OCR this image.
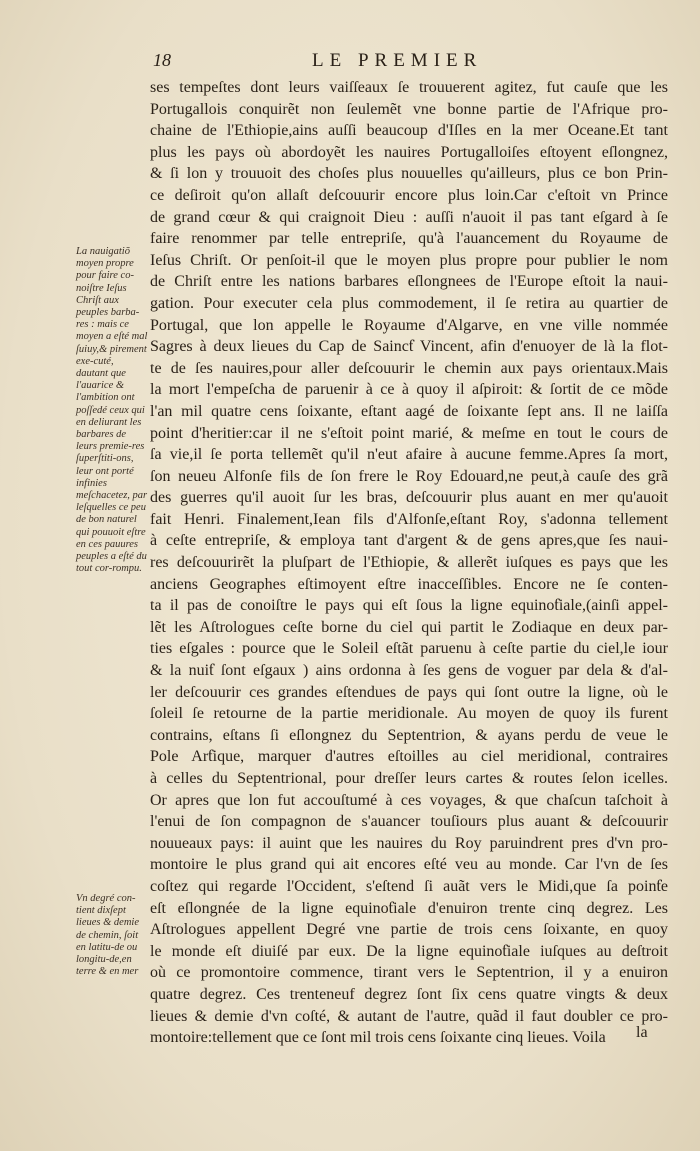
18	LE PREMIER
ses tempeſtes dont leurs vaiſſeaux ſe trouuerent agitez, fut cauſe que les
Portugallois conquirẽt non ſeulemẽt vne bonne partie de l'Afrique pro-
chaine de l'Ethiopie,ains auſſi beaucoup d'Iſles en la mer Oceane.Et tant
plus les pays où abordoyẽt les nauires Portugalloiſes eſtoyent eſlongnez,
& ſi lon y trouuoit des choſes plus nouuelles qu'ailleurs, plus ce bon Prin-
ce deſiroit qu'on allaſt deſcouurir encore plus loin.Car c'eſtoit vn Prince
de grand cœur & qui craignoit Dieu : auſſi n'auoit il pas tant eſgard à ſe
faire renommer par telle entrepriſe, qu'à l'auancement du Royaume de
Ieſus Chriſt. Or penſoit-il que le moyen plus propre pour publier le nom
de Chriſt entre les nations barbares eſlongnees de l'Europe eſtoit la naui-
gation. Pour executer cela plus commodement, il ſe retira au quartier de
Portugal, que lon appelle le Royaume d'Algarve, en vne ville nommée
Sagres à deux lieues du Cap de Saincƭ Vincent, afin d'enuoyer de là la flot-
te de ſes nauires,pour aller deſcouurir le chemin aux pays orientaux.Mais
la mort l'empeſcha de paruenir à ce à quoy il aſpiroit: & ſortit de ce mõde
l'an mil quatre cens ſoixante, eſtant aagé de ſoixante ſept ans. Il ne laiſſa
point d'heritier:car il ne s'eſtoit point marié, & meſme en tout le cours de
ſa vie,il ſe porta tellemẽt qu'il n'eut afaire à aucune femme.Apres ſa mort,
ſon neueu Alfonſe fils de ſon frere le Roy Edouard,ne peut,à cauſe des grã
des guerres qu'il auoit ſur les bras, deſcouurir plus auant en mer qu'auoit
fait Henri. Finalement,Iean fils d'Alfonſe,eſtant Roy, s'adonna tellement
à ceſte entrepriſe, & employa tant d'argent & de gens apres,que ſes naui-
res deſcouurirẽt la pluſpart de l'Ethiopie, & allerẽt iuſques es pays que les
anciens Geographes eſtimoyent eſtre inacceſſibles. Encore ne ſe conten-
ta il pas de conoiſtre le pays qui eſt ſous la ligne equinoƭiale,(ainſi appel-
lẽt les Aſtrologues ceſte borne du ciel qui partit le Zodiaque en deux par-
ties eſgales : pource que le Soleil eſtãt paruenu à ceſte partie du ciel,le iour
& la nuiƭ ſont eſgaux ) ains ordonna à ſes gens de voguer par dela & d'al-
ler deſcouurir ces grandes eſtendues de pays qui ſont outre la ligne, où le
ſoleil ſe retourne de la partie meridionale. Au moyen de quoy ils furent
contrains, eſtans ſi eſlongnez du Septentrion, & ayans perdu de veue le
Pole Arƭique, marquer d'autres eſtoilles au ciel meridional, contraires
à celles du Septentrional, pour dreſſer leurs cartes & routes ſelon icelles.
Or apres que lon fut accouſtumé à ces voyages, & que chaſcun taſchoit à
l'enui de ſon compagnon de s'auancer touſiours plus auant & deſcouurir
nouueaux pays: il auint que les nauires du Roy paruindrent pres d'vn pro-
montoire le plus grand qui ait encores eſté veu au monde. Car l'vn de ſes
coſtez qui regarde l'Occident, s'eſtend ſi auãt vers le Midi,que ſa poinƭe
eſt eſlongnée de la ligne equinoƭiale d'enuiron trente cinq degrez. Les
Aſtrologues appellent Degré vne partie de trois cens ſoixante, en quoy
le monde eſt diuiſé par eux. De la ligne equinoƭiale iuſques au deſtroit
où ce promontoire commence, tirant vers le Septentrion, il y a enuiron
quatre degrez. Ces trenteneuf degrez ſont ſix cens quatre vingts & deux
lieues & demie d'vn coſté, & autant de l'autre, quãd il faut doubler ce pro-
montoire:tellement que ce ſont mil trois cens ſoixante cinq lieues. Voila
La nauigatiõ moyen propre pour faire co-noiſtre Ieſus Chriſt aux peuples barba-res : mais ce moyen a eſté mal ſuiuy,& pirement exe-cuté, dautant que l'auarice & l'ambition ont poſſedé ceux qui en deliurant les barbares de leurs premie-res ſuperſtiti-ons, leur ont porté infinies meſchacetez, par leſquelles ce peu de bon naturel qui pouuoit eſtre en ces pauures peuples a eſté du tout cor-rompu.
Vn degré con-tient dixſept lieues & demie de chemin, ſoit en latitu-de ou longitu-de,en terre & en mer
la
